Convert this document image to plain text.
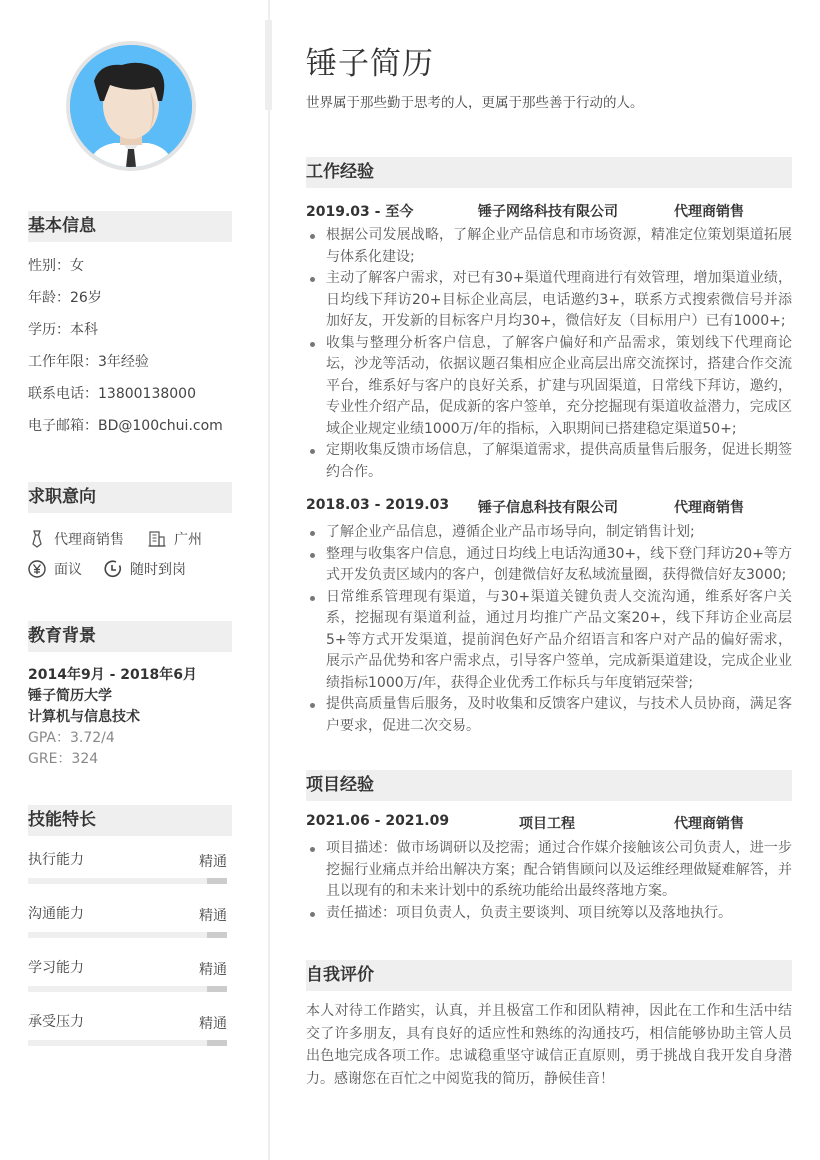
基本信息
性别：女
年龄：26岁
学历：本科
工作年限：3年经验
联系电话：13800138000
电子邮箱：BD@100chui.com
求职意向
代理商销售	广州
面议	随时到岗
教育背景
2014年9月 - 2018年6月
锤子简历大学
计算机与信息技术
GPA：3.72/4
GRE：324
技能特长
执行能力	精通
沟通能力	精通
学习能力	精通
承受压力	精通
锤子简历
世界属于那些勤于思考的人，更属于那些善于行动的人。
工作经验
2019.03 - 至今	锤子网络科技有限公司	代理商销售
根据公司发展战略，了解企业产品信息和市场资源，精准定位策划渠道拓展与体系化建设;
主动了解客户需求，对已有30+渠道代理商进行有效管理，增加渠道业绩，日均线下拜访20+目标企业高层，电话邀约3+，联系方式搜索微信号并添加好友，开发新的目标客户月均30+，微信好友（目标用户）已有1000+;
收集与整理分析客户信息，了解客户偏好和产品需求，策划线下代理商论坛，沙龙等活动，依据议题召集相应企业高层出席交流探讨，搭建合作交流平台，维系好与客户的良好关系，扩建与巩固渠道，日常线下拜访，邀约，专业性介绍产品，促成新的客户签单，充分挖掘现有渠道收益潜力，完成区域企业规定业绩1000万/年的指标，入职期间已搭建稳定渠道50+;
定期收集反馈市场信息，了解渠道需求，提供高质量售后服务，促进长期签约合作。
2018.03 - 2019.03 锤子信息科技有限公司	代理商销售
了解企业产品信息，遵循企业产品市场导向，制定销售计划;
整理与收集客户信息，通过日均线上电话沟通30+，线下登门拜访20+等方式开发负责区域内的客户，创建微信好友私域流量圈，获得微信好友3000;
日常维系管理现有渠道，与30+渠道关键负责人交流沟通，维系好客户关系，挖掘现有渠道利益，通过月均推广产品文案20+，线下拜访企业高层5+等方式开发渠道，提前润色好产品介绍语言和客户对产品的偏好需求，展示产品优势和客户需求点，引导客户签单，完成新渠道建设，完成企业业绩指标1000万/年，获得企业优秀工作标兵与年度销冠荣誉;
提供高质量售后服务，及时收集和反馈客户建议，与技术人员协商，满足客户要求，促进二次交易。
项目经验
2021.06 - 2021.09	项目工程	代理商销售
项目描述：做市场调研以及挖需；通过合作媒介接触该公司负责人，进一步挖掘行业痛点并给出解决方案；配合销售顾问以及运维经理做疑难解答，并且以现有的和未来计划中的系统功能给出最终落地方案。
责任描述：项目负责人，负责主要谈判、项目统筹以及落地执行。
自我评价
本人对待工作踏实，认真，并且极富工作和团队精神，因此在工作和生活中结交了许多朋友，具有良好的适应性和熟练的沟通技巧，相信能够协助主管人员出色地完成各项工作。忠诚稳重坚守诚信正直原则，勇于挑战自我开发自身潜力。感谢您在百忙之中阅览我的简历，静候佳音！
